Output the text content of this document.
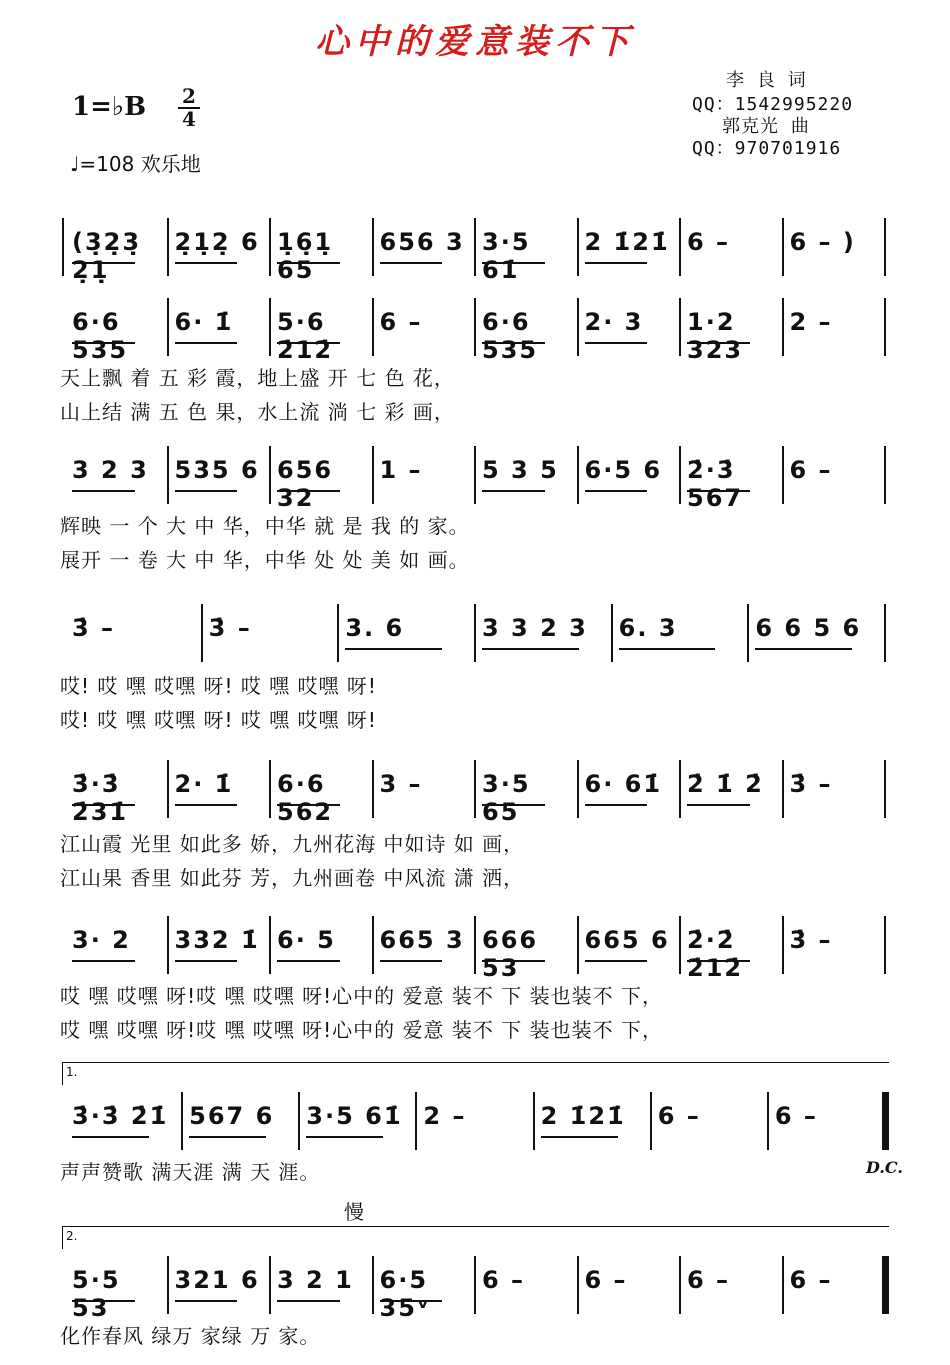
心中的爱意装不下
1=♭B 2
4
♩=108 欢乐地
李 良 词
QQ：1542995220
郭克光 曲
QQ：970701916
(3̣2̣3̣ 2̣1̣
2̣1̣2̣ 6 1̣6̣1̣ 65
656 3 3·5 61̇
2 1̇21̇ 6 –	6 – )
6·6 535
6· 1̇	5·6 2̇12̇
6 –	6·6 535
2· 3	1·2 323
2 –
3 2 3	535 6 656 32
1 –	5 3 5	6·5 6	2̇·3̇ 567
6 –
3̇ –	3̇ –	3. 6	3 3 2 3	6. 3	6 6 5 6
3̇·3̇ 2̇31̇
2· 1̇	6·6 562
3 –	3·5 65
6· 61̇	2̇ 1̇ 2̇	3̇ –
3· 2	332 1̇ 6· 5	665 3 666 53
665 6 2̇·2̇ 2̇12̇
3̇ –
1.
3̇·3̇ 2̇1̇ 567 6	3·5 61̇ 2 –	2 1̇21̇	6 –	6 –
2.
5·5 53
321 6 3 2 1	6·5 35ᵛ
6 –	6 –	6 –	6 –
天上飘 着 五 彩 霞，地上盛 开 七 色 花，
山上结 满 五 色 果，水上流 淌 七 彩 画，
辉映 一 个 大 中 华，中华 就 是 我 的 家。
展开 一 卷 大 中 华，中华 处 处 美 如 画。
哎! 哎 嘿 哎嘿 呀! 哎 嘿 哎嘿 呀!
哎! 哎 嘿 哎嘿 呀! 哎 嘿 哎嘿 呀!
江山霞 光里 如此多 娇，九州花海 中如诗 如 画，
江山果 香里 如此芬 芳，九州画卷 中风流 潇 洒，
哎 嘿 哎嘿 呀!哎 嘿 哎嘿 呀!心中的 爱意 装不 下 装也装不 下，
哎 嘿 哎嘿 呀!哎 嘿 哎嘿 呀!心中的 爱意 装不 下 装也装不 下，
声声赞歌 满天涯 满 天 涯。	D.C.
慢
化作春风 绿万 家绿 万 家。
